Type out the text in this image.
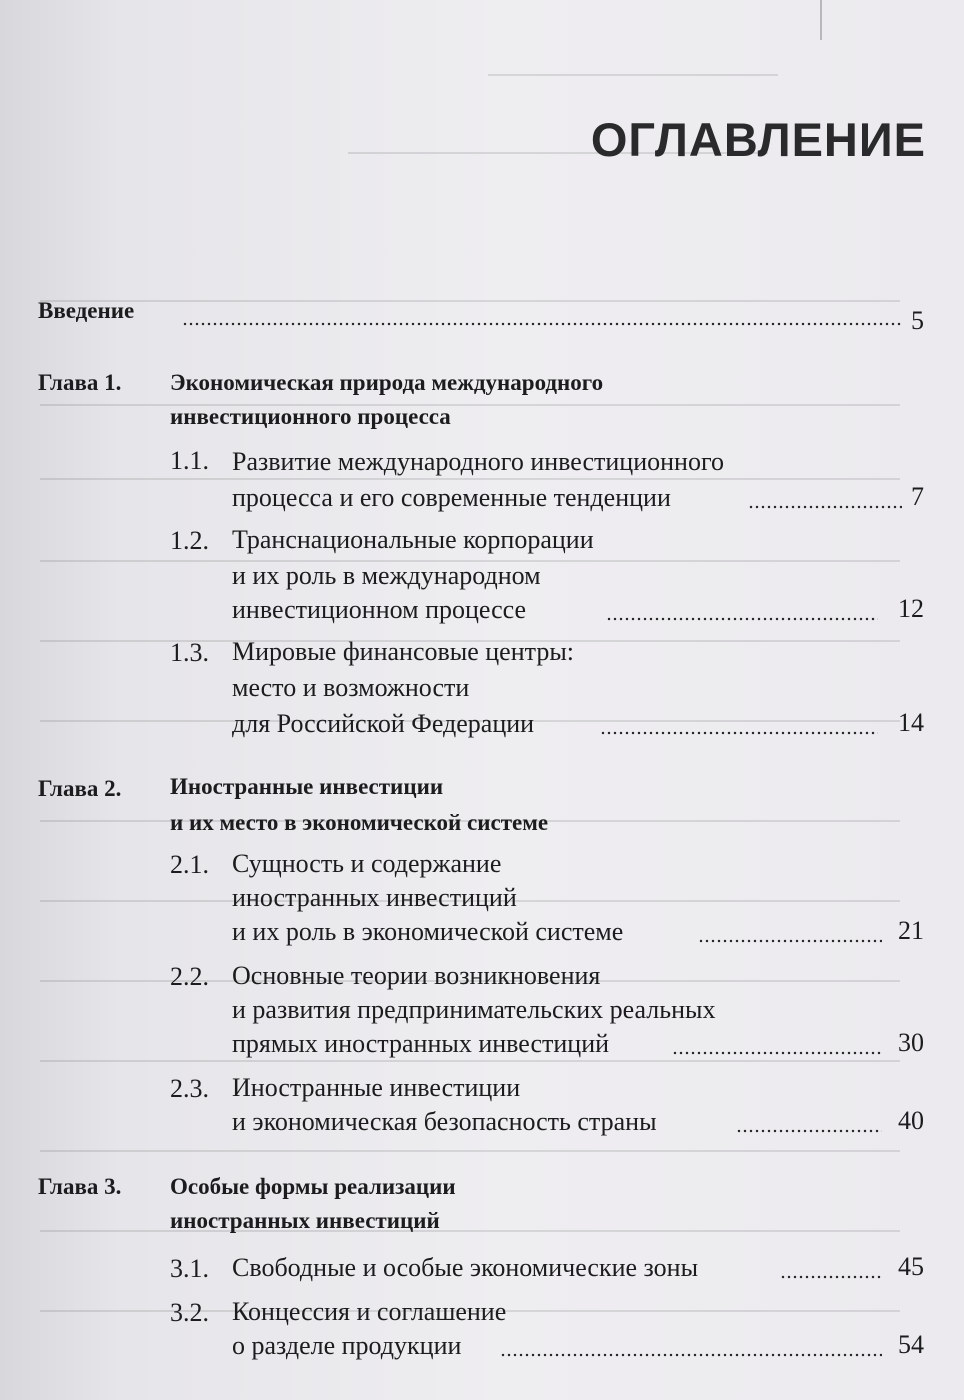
ОГЛАВЛЕНИЕ
Введение	5
Глава 1. Экономическая природа международного
инвестиционного процесса
1.1. Развитие международного инвестиционного
процесса и его современные тенденции	7
1.2. Транснациональные корпорации
и их роль в международном
инвестиционном процессе	12
1.3. Мировые финансовые центры:
место и возможности
для Российской Федерации	14
Глава 2. Иностранные инвестиции
и их место в экономической системе
2.1. Сущность и содержание
иностранных инвестиций
и их роль в экономической системе	21
2.2. Основные теории возникновения
и развития предпринимательских реальных
прямых иностранных инвестиций	30
2.3. Иностранные инвестиции
и экономическая безопасность страны	40
Глава 3. Особые формы реализации
иностранных инвестиций
3.1. Свободные и особые экономические зоны	45
3.2. Концессия и соглашение
о разделе продукции	54
